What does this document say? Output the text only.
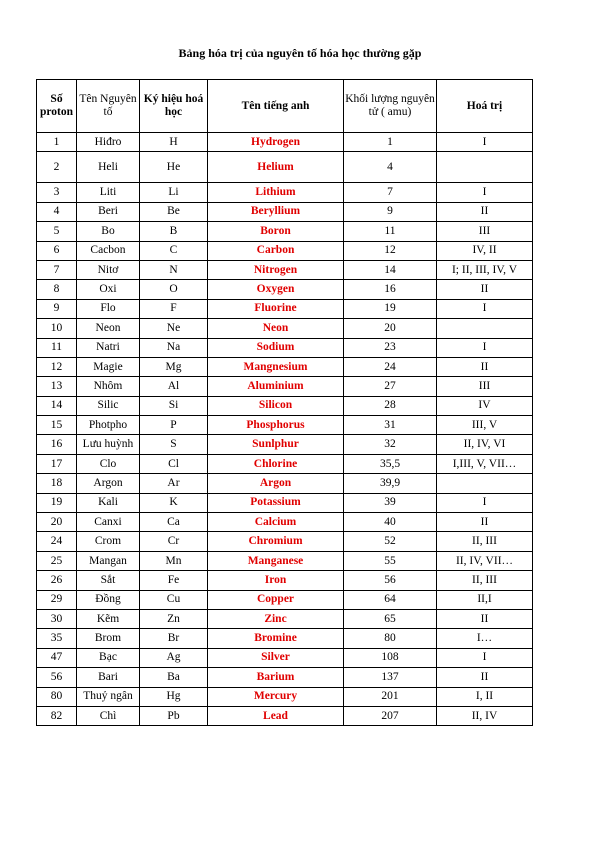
Bảng hóa trị của nguyên tố hóa học thường gặp
Số proton	Tên Nguyên tố	Ký hiệu hoá học	Tên tiếng anh	Khối lượng nguyên tử ( amu)	Hoá trị
1	Hiđro	H	Hydrogen	1	I
2	Heli	He	Helium	4	
3	Liti	Li	Lithium	7	I
4	Beri	Be	Beryllium	9	II
5	Bo	B	Boron	11	III
6	Cacbon	C	Carbon	12	IV, II
7	Nitơ	N	Nitrogen	14	I; II, III, IV, V
8	Oxi	O	Oxygen	16	II
9	Flo	F	Fluorine	19	I
10	Neon	Ne	Neon	20	
11	Natri	Na	Sodium	23	I
12	Magie	Mg	Mangnesium	24	II
13	Nhôm	Al	Aluminium	27	III
14	Silic	Si	Silicon	28	IV
15	Photpho	P	Phosphorus	31	III, V
16	Lưu huỳnh	S	Sunlphur	32	II, IV, VI
17	Clo	Cl	Chlorine	35,5	I,III, V, VII…
18	Argon	Ar	Argon	39,9	
19	Kali	K	Potassium	39	I
20	Canxi	Ca	Calcium	40	II
24	Crom	Cr	Chromium	52	II, III
25	Mangan	Mn	Manganese	55	II, IV, VII…
26	Sắt	Fe	Iron	56	II, III
29	Đồng	Cu	Copper	64	II,I
30	Kẽm	Zn	Zinc	65	II
35	Brom	Br	Bromine	80	I…
47	Bạc	Ag	Silver	108	I
56	Bari	Ba	Barium	137	II
80	Thuỷ ngân	Hg	Mercury	201	I, II
82	Chì	Pb	Lead	207	II, IV
